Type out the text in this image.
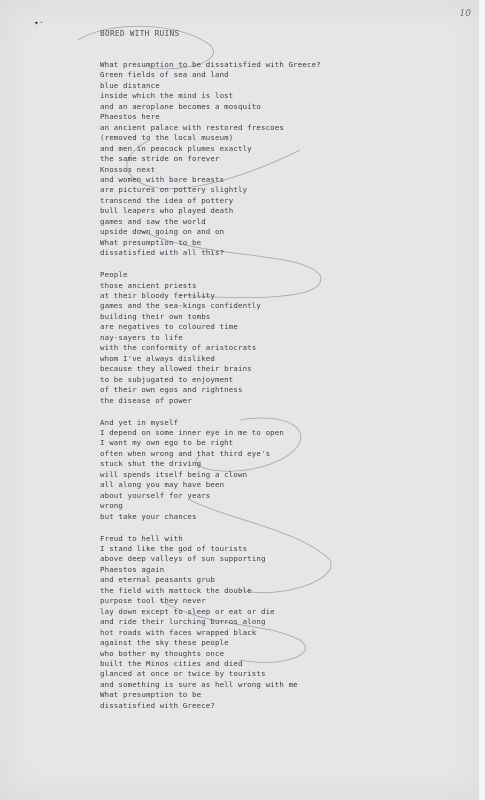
10
✦·
BORED WITH RUINS
What presumption to be dissatisfied with Greece?
Green fields of sea and land
blue distance
inside which the mind is lost
and an aeroplane becomes a mosquito
Phaestos here
an ancient palace with restored frescoes
(removed to the local museum)
and men in peacock plumes exactly
the same stride on forever
Knossos next
and women with bare breasts
are pictures on pottery slightly
transcend the idea of pottery
bull leapers who played death
games and saw the world
upside down going on and on
What presumption to be
dissatisfied with all this?
People
those ancient priests
at their bloody fertility
games and the sea-kings confidently
building their own tombs
are negatives to coloured time
nay-sayers to life
with the conformity of aristocrats
whom I've always disliked
because they allowed their brains
to be subjugated to enjoyment
of their own egos and rightness
the disease of power
And yet in myself
I depend on some inner eye in me to open
I want my own ego to be right
often when wrong and that third eye's
stuck shut the driving
will spends itself being a clown
all along you may have been
about yourself for years
wrong
but take your chances
Freud to hell with
I stand like the god of tourists
above deep valleys of sun supporting
Phaestos again
and eternal peasants grub
the field with mattock the double
purpose tool they never
lay down except to sleep or eat or die
and ride their lurching burros along
hot roads with faces wrapped black
against the sky these people
who bother my thoughts once
built the Minos cities and died
glanced at once or twice by tourists
and something is sure as hell wrong with me
What presumption to be
dissatisfied with Greece?
